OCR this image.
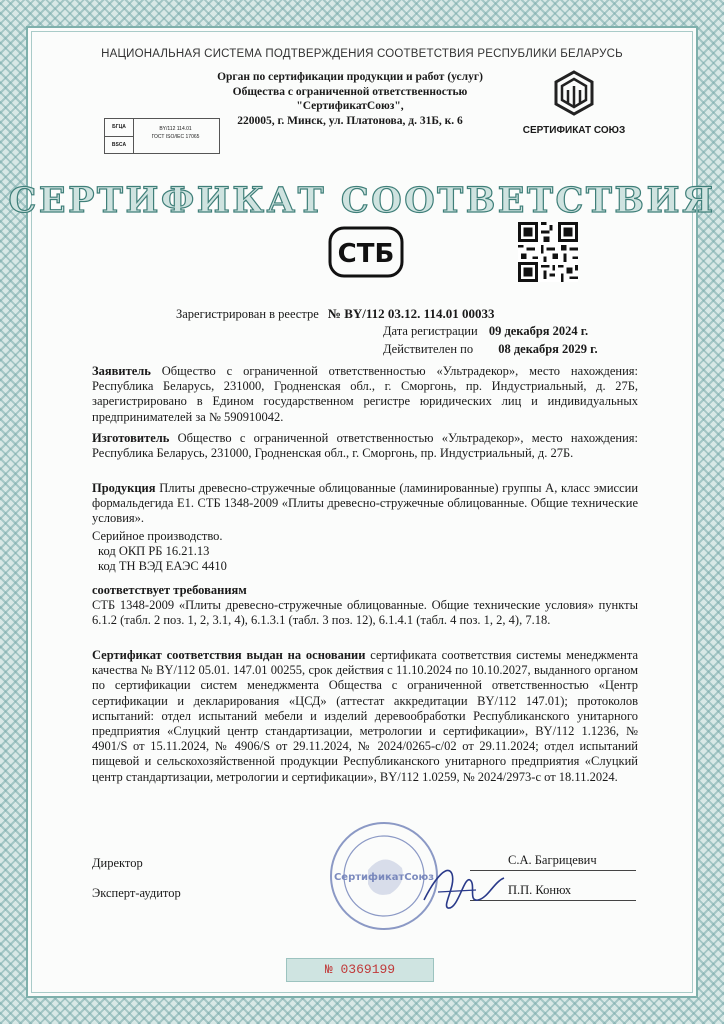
НАЦИОНАЛЬНАЯ СИСТЕМА ПОДТВЕРЖДЕНИЯ СООТВЕТСТВИЯ РЕСПУБЛИКИ БЕЛАРУСЬ
БГЦА
BSCA
BY/112 114.01
ГОСТ ISO/IEC 17065
Орган по сертификации продукции и работ (услуг)
Общества с ограниченной ответственностью
"СертификатСоюз",
220005, г. Минск, ул. Платонова, д. 31Б, к. 6
СЕРТИФИКАТ СОЮЗ
СЕРТИФИКАТ СООТВЕТСТВИЯ
СТБ
Зарегистрирован в реестре № BY/112 03.12. 114.01 00033
Дата регистрации 09 декабря 2024 г.
Действителен по 08 декабря 2029 г.

Заявитель Общество с ограниченной ответственностью «Ультрадекор», место нахождения: Республика Беларусь, 231000, Гродненская обл., г. Сморгонь, пр. Индустриальный, д. 27Б, зарегистрировано в Едином государственном регистре юридических лиц и индивидуальных предпринимателей за № 590910042.

Изготовитель Общество с ограниченной ответственностью «Ультрадекор», место нахождения: Республика Беларусь, 231000, Гродненская обл., г. Сморгонь, пр. Индустриальный, д. 27Б.

Продукция Плиты древесно-стружечные облицованные (ламинированные) группы А, класс эмиссии формальдегида Е1. СТБ 1348-2009 «Плиты древесно-стружечные облицованные. Общие технические условия».

Серийное производство.

код ОКП РБ 16.21.13

код ТН ВЭД ЕАЭС 4410

соответствует требованиям

СТБ 1348-2009 «Плиты древесно-стружечные облицованные. Общие технические условия» пункты 6.1.2 (табл. 2 поз. 1, 2, 3.1, 4), 6.1.3.1 (табл. 3 поз. 12), 6.1.4.1 (табл. 4 поз. 1, 2, 4), 7.18.

Сертификат соответствия выдан на основании сертификата соответствия системы менеджмента качества № BY/112 05.01. 147.01 00255, срок действия с 11.10.2024 по 10.10.2027, выданного органом по сертификации систем менеджмента Общества с ограниченной ответственностью «Центр сертификации и декларирования «ЦСД» (аттестат аккредитации BY/112 147.01); протоколов испытаний: отдел испытаний мебели и изделий деревообработки Республиканского унитарного предприятия «Слуцкий центр стандартизации, метрологии и сертификации», BY/112 1.1236, № 4901/S от 15.11.2024, № 4906/S от 29.11.2024, № 2024/0265-с/02 от 29.11.2024; отдел испытаний пищевой и сельскохозяйственной продукции Республиканского унитарного предприятия «Слуцкий центр стандартизации, метрологии и сертификации», BY/112 1.0259, № 2024/2973-с от 18.11.2024.

СертификатСоюз
Директор	С.А. Багрицевич
Эксперт-аудитор	П.П. Конюх
№ 0369199
